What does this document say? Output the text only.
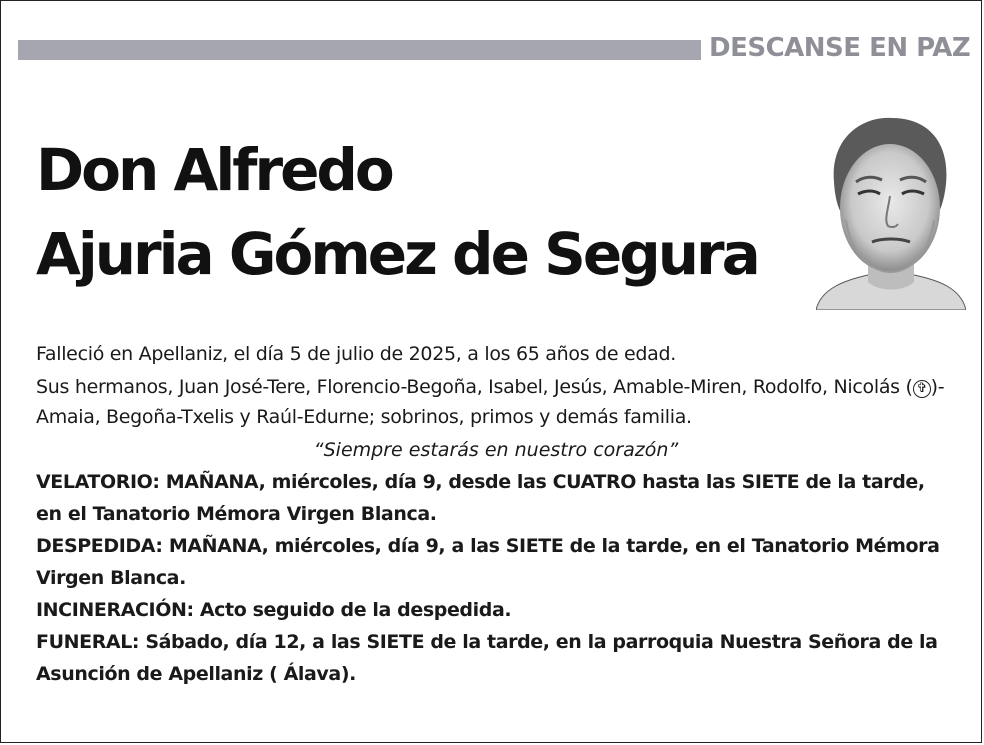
DESCANSE EN PAZ
Don Alfredo
Ajuria Gómez de Segura

Falleció en Apellaniz, el día 5 de julio de 2025, a los 65 años de edad.

Sus hermanos, Juan José-Tere, Florencio-Begoña, Isabel, Jesús, Amable-Miren, Rodolfo, Nicolás ( ✞ )-Amaia, Begoña-Txelis y Raúl-Edurne; sobrinos, primos y demás familia.

“Siempre estarás en nuestro corazón”

VELATORIO: MAÑANA, miércoles, día 9, desde las CUATRO hasta las SIETE de la tarde, en el Tanatorio Mémora Virgen Blanca.

DESPEDIDA: MAÑANA, miércoles, día 9, a las SIETE de la tarde, en el Tanatorio Mémora Virgen Blanca.

INCINERACIÓN: Acto seguido de la despedida.

FUNERAL: Sábado, día 12, a las SIETE de la tarde, en la parroquia Nuestra Señora de la Asunción de Apellaniz ( Álava).
